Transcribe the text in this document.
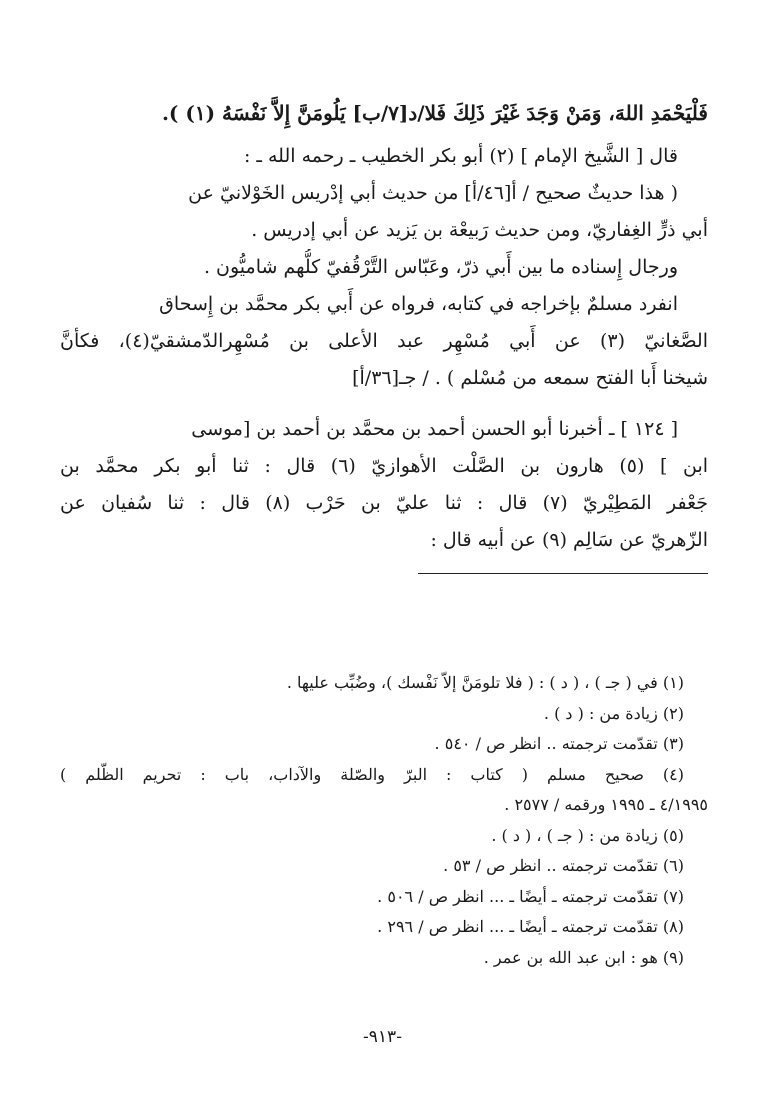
فَلْيَحْمَدِ اللهَ، وَمَنْ وَجَدَ غَيْرَ ذَلِكَ فَلا/د[٧/ب] يَلُومَنَّ إِلاَّ نَفْسَهُ (١) ).
قال [ الشَّيخ الإمام ] (٢) أبو بكر الخطيب ـ رحمه الله ـ :
( هذا حديثٌ صحيح / أ[٤٦/أ] من حديث أبي إدْريس الخَوْلانيّ عن
أبي ذرٍّ الغِفاريّ، ومن حديث رَبيعْة بن يَزيد عن أبي إدريس .
ورجال إِسناده ما بين أَبي ذرّ، وعَبّاس التَّرْقُفيّ كلُّهم شاميُّون .
انفرد مسلمٌ بإخراجه في كتابه، فرواه عن أَبي بكر محمَّد بن إِسحاق
الصَّغانيّ (٣) عن أَبي مُسْهِر عبد الأعلى بن مُسْهِرالدّمشقيّ(٤)، فكأنَّ
شيخنا أَبا الفتح سمعه من مُسْلم ) . / جـ[٣٦/أ]
[ ١٢٤ ] ـ أخبرنا أبو الحسن أحمد بن محمَّد بن أحمد بن [موسى
ابن ] (٥) هارون بن الصَّلْت الأهوازيّ (٦) قال : ثنا أبو بكر محمَّد بن
جَعْفر المَطِيْريّ (٧) قال : ثنا عليّ بن حَرْب (٨) قال : ثنا سُفيان عن
الزّهريّ عن سَالِم (٩) عن أبيه قال :
(١) في ( جـ ) ، ( د ) : ( فلا تلومَنَّ إلاّ نَفْسك )، وضُبِّب عليها .
(٢) زيادة من : ( د ) .
(٣) تقدّمت ترجمته .. انظر ص / ٥٤٠ .
(٤) صحيح مسلم ( كتاب : البرّ والصّلة والآداب، باب : تحريم الظّلم )
٤/١٩٩٥ ـ ١٩٩٥ ورقمه / ٢٥٧٧ .
(٥) زيادة من : ( جـ ) ، ( د ) .
(٦) تقدّمت ترجمته .. انظر ص / ٥٣ .
(٧) تقدّمت ترجمته ـ أيضًا ـ ... انظر ص / ٥٠٦ .
(٨) تقدّمت ترجمته ـ أيضًا ـ ... انظر ص / ٢٩٦ .
(٩) هو : ابن عبد الله بن عمر .
-٩١٣-
